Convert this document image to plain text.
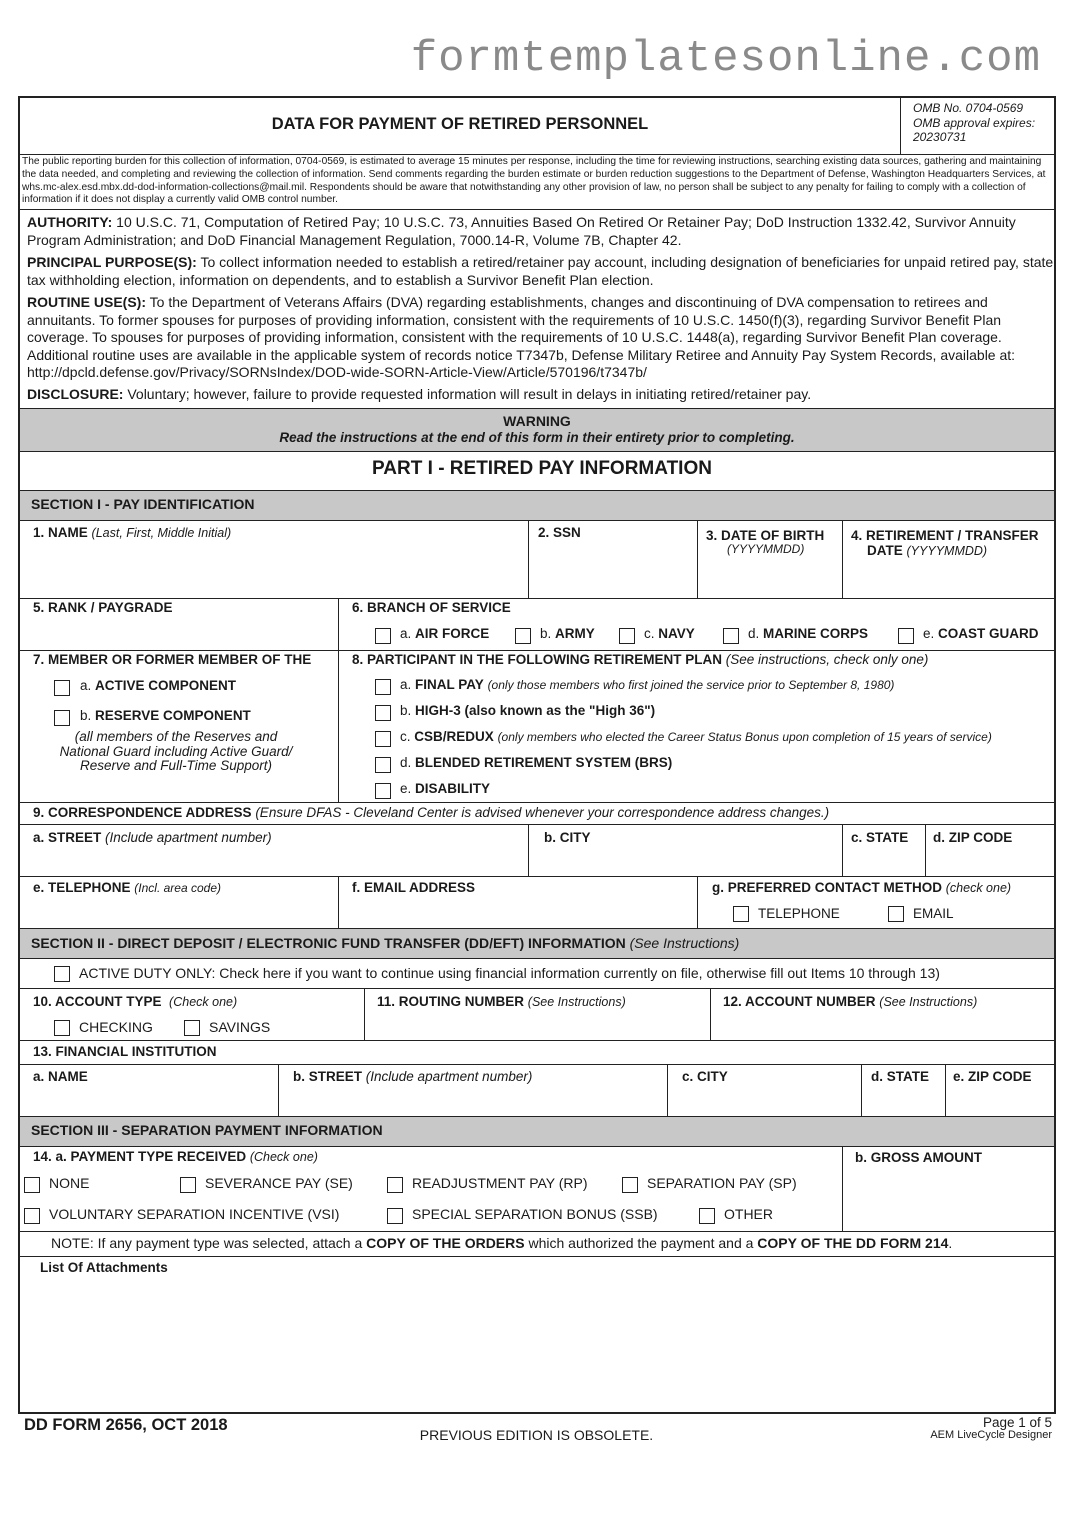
formtemplatesonline.com
DATA FOR PAYMENT OF RETIRED PERSONNEL
OMB No. 0704-0569
OMB approval expires:
20230731
The public reporting burden for this collection of information, 0704-0569, is estimated to average 15 minutes per response, including the time for reviewing instructions, searching existing data sources, gathering and maintaining the data needed, and completing and reviewing the collection of information. Send comments regarding the burden estimate or burden reduction suggestions to the Department of Defense, Washington Headquarters Services, at whs.mc-alex.esd.mbx.dd-dod-information-collections@mail.mil. Respondents should be aware that notwithstanding any other provision of law, no person shall be subject to any penalty for failing to comply with a collection of information if it does not display a currently valid OMB control number.
AUTHORITY: 10 U.S.C. 71, Computation of Retired Pay; 10 U.S.C. 73, Annuities Based On Retired Or Retainer Pay; DoD Instruction 1332.42, Survivor Annuity Program Administration; and DoD Financial Management Regulation, 7000.14-R, Volume 7B, Chapter 42.
PRINCIPAL PURPOSE(S): To collect information needed to establish a retired/retainer pay account, including designation of beneficiaries for unpaid retired pay, state tax withholding election, information on dependents, and to establish a Survivor Benefit Plan election.
ROUTINE USE(S): To the Department of Veterans Affairs (DVA) regarding establishments, changes and discontinuing of DVA compensation to retirees and annuitants. To former spouses for purposes of providing information, consistent with the requirements of 10 U.S.C. 1450(f)(3), regarding Survivor Benefit Plan coverage. To spouses for purposes of providing information, consistent with the requirements of 10 U.S.C. 1448(a), regarding Survivor Benefit Plan coverage. Additional routine uses are available in the applicable system of records notice T7347b, Defense Military Retiree and Annuity Pay System Records, available at: http://dpcld.defense.gov/Privacy/SORNsIndex/DOD-wide-SORN-Article-View/Article/570196/t7347b/
DISCLOSURE: Voluntary; however, failure to provide requested information will result in delays in initiating retired/retainer pay.
WARNING
Read the instructions at the end of this form in their entirety prior to completing.
PART I - RETIRED PAY INFORMATION
SECTION I - PAY IDENTIFICATION
1. NAME (Last, First, Middle Initial)	2. SSN	3. DATE OF BIRTH
(YYYYMMDD)
4. RETIREMENT / TRANSFER
DATE (YYYYMMDD)
5. RANK / PAYGRADE	6. BRANCH OF SERVICE
a. AIR FORCE	b. ARMY	c. NAVY	d. MARINE CORPS	e. COAST GUARD
7. MEMBER OR FORMER MEMBER OF THE
a. ACTIVE COMPONENT
b. RESERVE COMPONENT
(all members of the Reserves and
National Guard including Active Guard/
Reserve and Full-Time Support)
8. PARTICIPANT IN THE FOLLOWING RETIREMENT PLAN (See instructions, check only one)
a. FINAL PAY (only those members who first joined the service prior to September 8, 1980)
b. HIGH-3 (also known as the "High 36")
c. CSB/REDUX (only members who elected the Career Status Bonus upon completion of 15 years of service)
d. BLENDED RETIREMENT SYSTEM (BRS)
e. DISABILITY
9. CORRESPONDENCE ADDRESS (Ensure DFAS - Cleveland Center is advised whenever your correspondence address changes.)
a. STREET (Include apartment number)	b. CITY	c. STATE d. ZIP CODE
e. TELEPHONE (Incl. area code)	f. EMAIL ADDRESS	g. PREFERRED CONTACT METHOD (check one)
TELEPHONE	EMAIL
SECTION II - DIRECT DEPOSIT / ELECTRONIC FUND TRANSFER (DD/EFT) INFORMATION (See Instructions)
ACTIVE DUTY ONLY: Check here if you want to continue using financial information currently on file, otherwise fill out Items 10 through 13)
10. ACCOUNT TYPE (Check one)
CHECKING	SAVINGS
11. ROUTING NUMBER (See Instructions)	12. ACCOUNT NUMBER (See Instructions)
13. FINANCIAL INSTITUTION
a. NAME	b. STREET (Include apartment number)	c. CITY	d. STATE e. ZIP CODE
SECTION III - SEPARATION PAYMENT INFORMATION
14. a. PAYMENT TYPE RECEIVED (Check one)	b. GROSS AMOUNT
NONE	SEVERANCE PAY (SE)	READJUSTMENT PAY (RP)	SEPARATION PAY (SP)
VOLUNTARY SEPARATION INCENTIVE (VSI)	SPECIAL SEPARATION BONUS (SSB)	OTHER
NOTE: If any payment type was selected, attach a COPY OF THE ORDERS which authorized the payment and a COPY OF THE DD FORM 214.
List Of Attachments
DD FORM 2656, OCT 2018
PREVIOUS EDITION IS OBSOLETE.
Page 1 of 5
AEM LiveCycle Designer
